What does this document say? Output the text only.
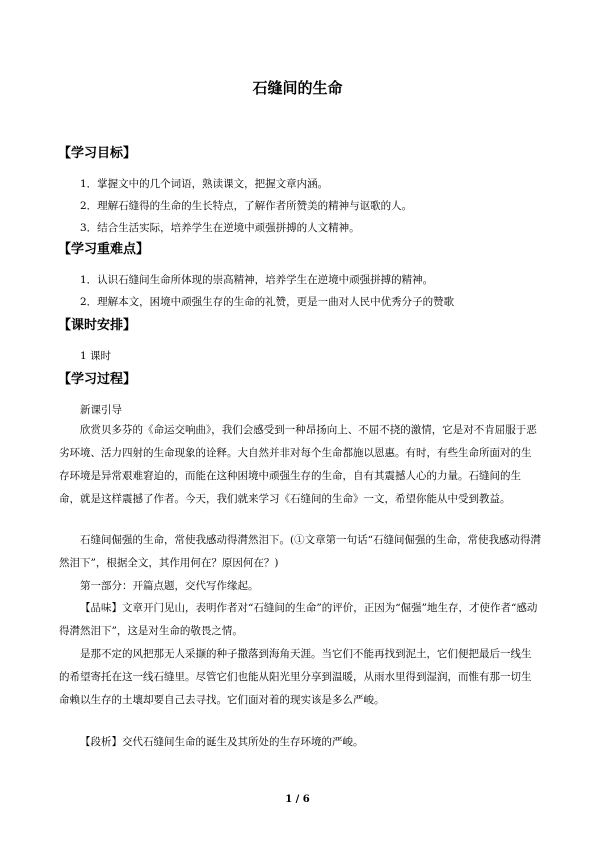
石缝间的生命
【学习目标】
1．掌握文中的几个词语，熟读课文，把握文章内涵。
2．理解石缝得的生命的生长特点，了解作者所赞美的精神与讴歌的人。
3．结合生活实际，培养学生在逆境中顽强拼搏的人文精神。
【学习重难点】
1．认识石缝间生命所体现的崇高精神，培养学生在逆境中顽强拼搏的精神。
2．理解本文，困境中顽强生存的生命的礼赞，更是一曲对人民中优秀分子的赞歌
【课时安排】
1 课时
【学习过程】
新课引导
欣赏贝多芬的《命运交响曲》，我们会感受到一种昂扬向上、不屈不挠的激情，它是对不肯屈服于恶劣环境、活力四射的生命现象的诠释。大自然并非对每个生命都施以恩惠。有时，有些生命所面对的生存环境是异常艰难窘迫的，而能在这种困境中顽强生存的生命，自有其震撼人心的力量。石缝间的生命，就是这样震撼了作者。今天，我们就来学习《石缝间的生命》一文，希望你能从中受到教益。
石缝间倔强的生命，常使我感动得潸然泪下。(①文章第一句话“石缝间倔强的生命，常使我感动得潸然泪下”，根据全文，其作用何在？原因何在？)
第一部分：开篇点题，交代写作缘起。
【品味】文章开门见山，表明作者对“石缝间的生命”的评价，正因为“倔强”地生存，才使作者“感动得潸然泪下”，这是对生命的敬畏之情。
是那不定的风把那无人采撷的种子撒落到海角天涯。当它们不能再找到泥土，它们便把最后一线生的希望寄托在这一线石缝里。尽管它们也能从阳光里分享到温暖，从雨水里得到湿润，而惟有那一切生命赖以生存的土壤却要自己去寻找。它们面对着的现实该是多么严峻。
【段析】交代石缝间生命的诞生及其所处的生存环境的严峻。
1 / 6
